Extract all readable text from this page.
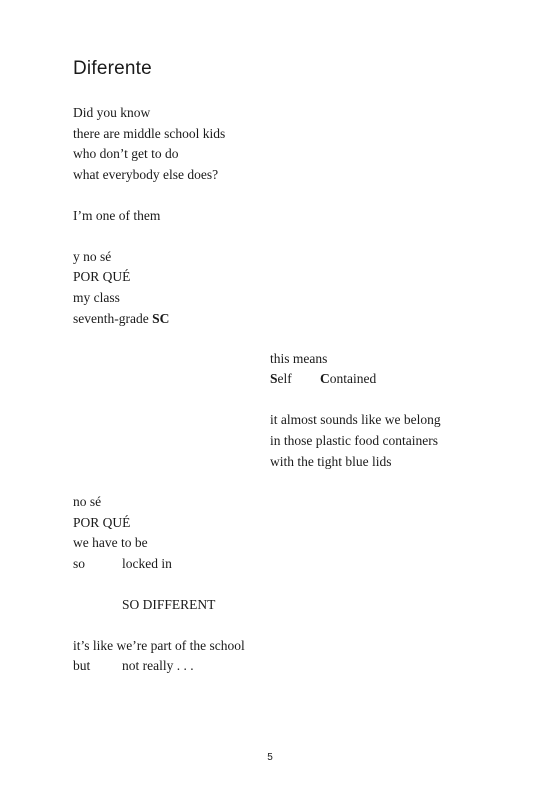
Diferente
Did you know
there are middle school kids
who don’t get to do
what everybody else does?
I’m one of them
y no sé
POR QUÉ
my class
seventh-grade SC
this means
Self Contained
it almost sounds like we belong
in those plastic food containers
with the tight blue lids
no sé
POR QUÉ
we have to be
so	locked in
SO DIFFERENT
it’s like we’re part of the school
but not really . . .
5
